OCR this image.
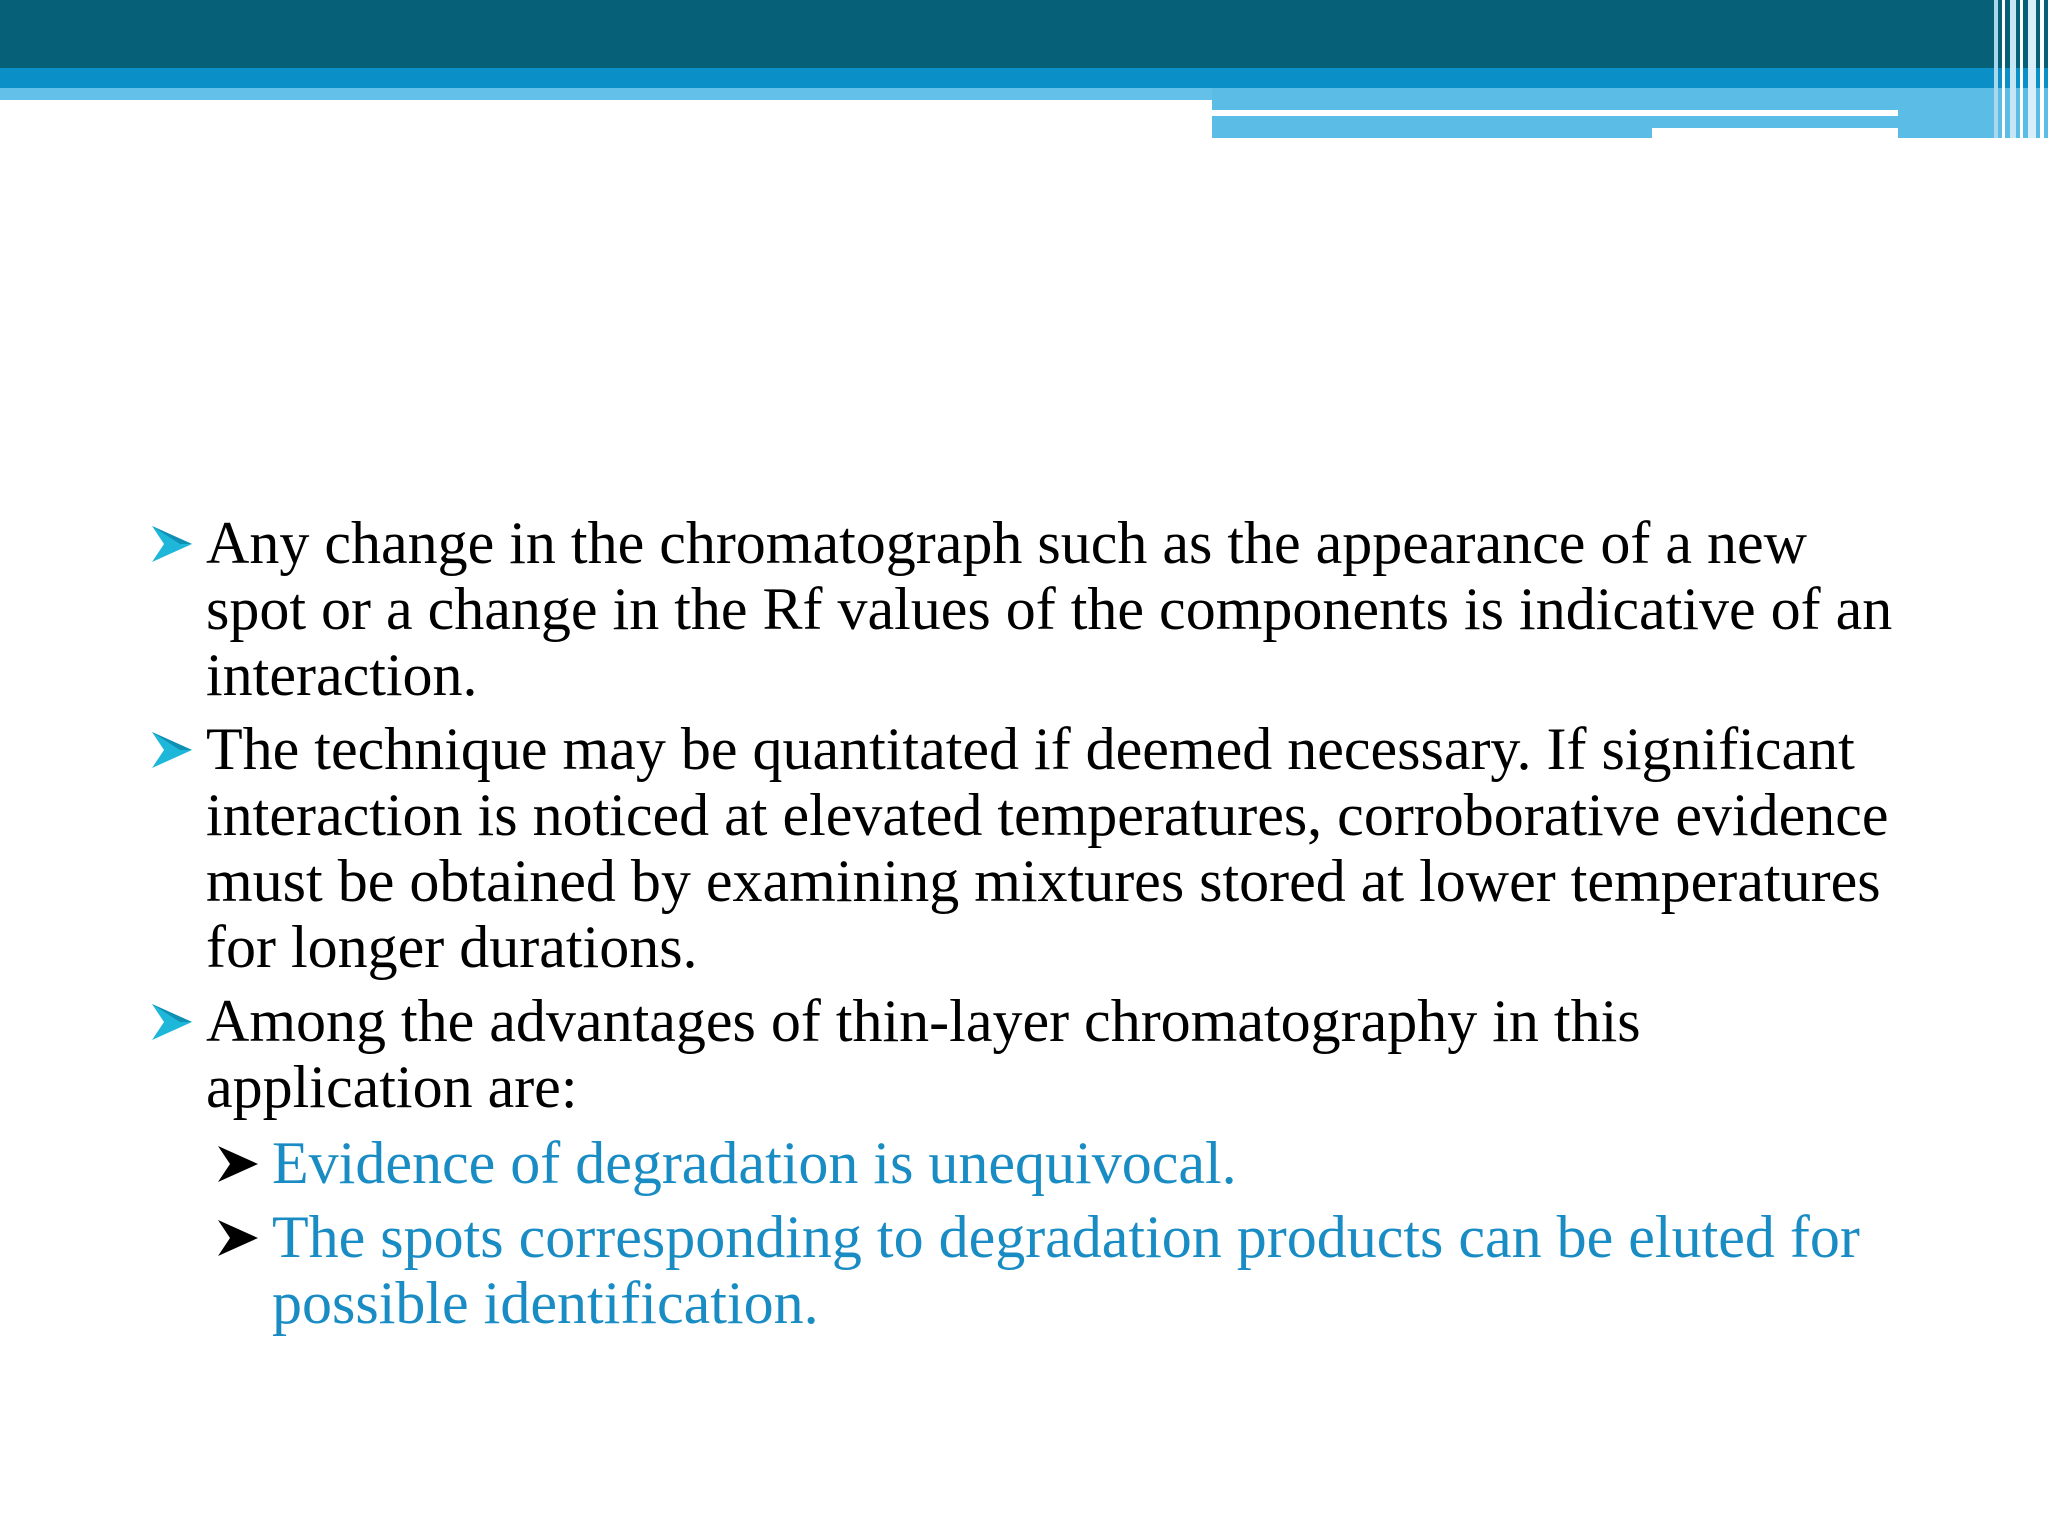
Any change in the chromatograph such as the appearance of a new spot or a change in the Rf values of the components is indicative of an interaction.
The technique may be quantitated if deemed necessary. If significant interaction is noticed at elevated temperatures, corroborative evidence must be obtained by examining mixtures stored at lower temperatures for longer durations.
Among the advantages of thin-layer chromatography in this application are:
Evidence of degradation is unequivocal.
The spots corresponding to degradation products can be eluted for possible identification.
